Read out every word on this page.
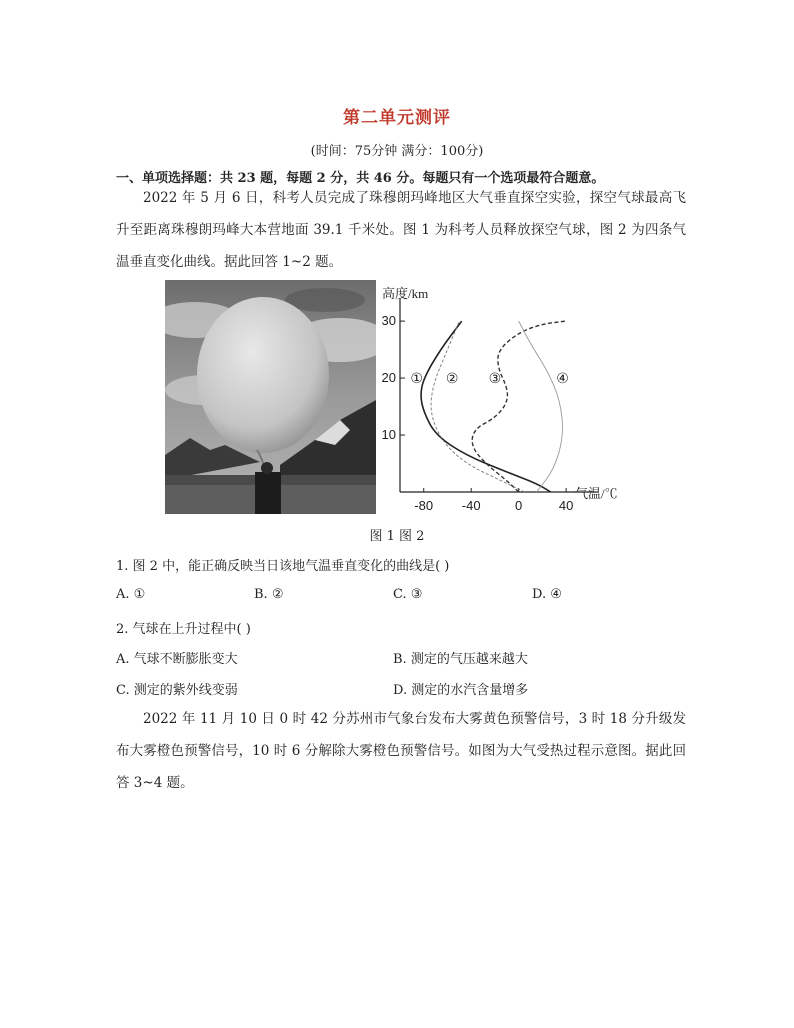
第二单元测评
(时间：75分钟 满分：100分)
一、单项选择题：共 23 题，每题 2 分，共 46 分。每题只有一个选项最符合题意。
2022 年 5 月 6 日，科考人员完成了珠穆朗玛峰地区大气垂直探空实验，探空气球最高飞升至距离珠穆朗玛峰大本营地面 39.1 千米处。图 1 为科考人员释放探空气球，图 2 为四条气温垂直变化曲线。据此回答 1~2 题。
高度/km
气温/℃
-80 -40	0	40
10
20
30
① ② ③	④
图 1 图 2
1. 图 2 中，能正确反映当日该地气温垂直变化的曲线是( )
A. ①	B. ②	C. ③	D. ④
2. 气球在上升过程中( )
A. 气球不断膨胀变大	B. 测定的气压越来越大
C. 测定的紫外线变弱	D. 测定的水汽含量增多
2022 年 11 月 10 日 0 时 42 分苏州市气象台发布大雾黄色预警信号，3 时 18 分升级发布大雾橙色预警信号，10 时 6 分解除大雾橙色预警信号。如图为大气受热过程示意图。据此回答 3~4 题。
